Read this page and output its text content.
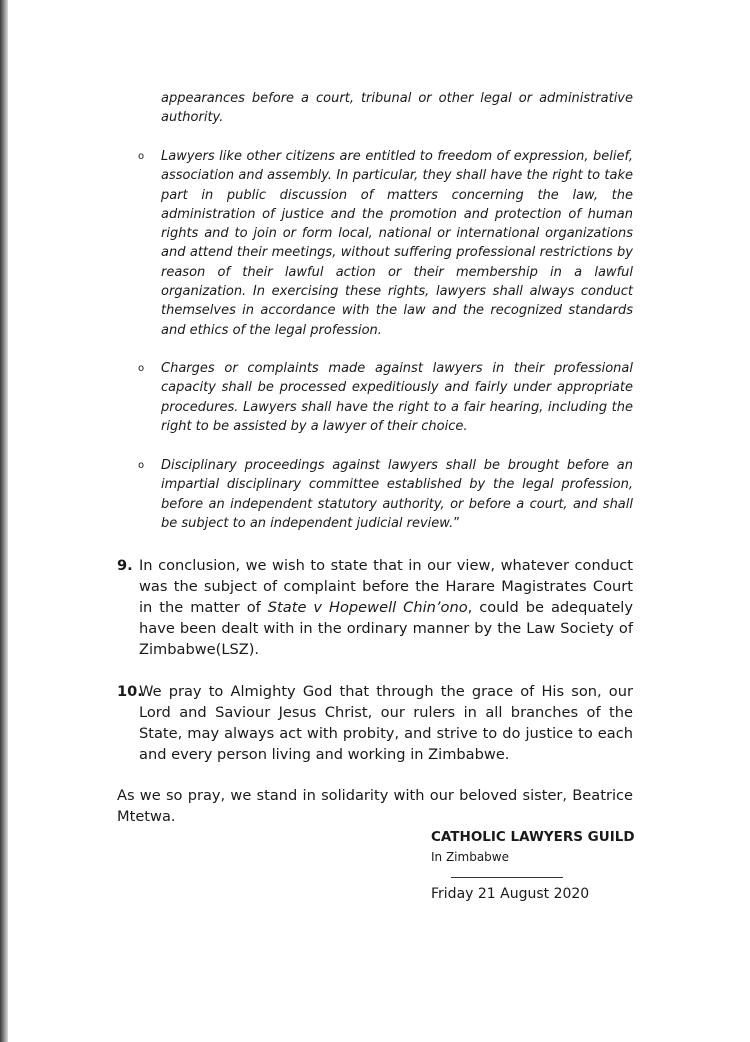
appearances before a court, tribunal or other legal or administrative authority.

o	Lawyers like other citizens are entitled to freedom of expression, belief, association and assembly. In particular, they shall have the right to take part in public discussion of matters concerning the law, the administration of justice and the promotion and protection of human rights and to join or form local, national or international organizations and attend their meetings, without suffering professional restrictions by reason of their lawful action or their membership in a lawful organization. In exercising these rights, lawyers shall always conduct themselves in accordance with the law and the recognized standards and ethics of the legal profession.

o	Charges or complaints made against lawyers in their professional capacity shall be processed expeditiously and fairly under appropriate procedures. Lawyers shall have the right to a fair hearing, including the right to be assisted by a lawyer of their choice.

o	Disciplinary proceedings against lawyers shall be brought before an impartial disciplinary committee established by the legal profession, before an independent statutory authority, or before a court, and shall be subject to an independent judicial review.”

9. In conclusion, we wish to state that in our view, whatever conduct was the subject of complaint before the Harare Magistrates Court in the matter of State v Hopewell Chin’ono, could be adequately have been dealt with in the ordinary manner by the Law Society of Zimbabwe(LSZ).

10.

We pray to Almighty God that through the grace of His son, our Lord and Saviour Jesus Christ, our rulers in all branches of the State, may always act with probity, and strive to do justice to each and every person living and working in Zimbabwe.

As we so pray, we stand in solidarity with our beloved sister, Beatrice Mtetwa.

CATHOLIC LAWYERS GUILD
In Zimbabwe
Friday 21 August 2020
